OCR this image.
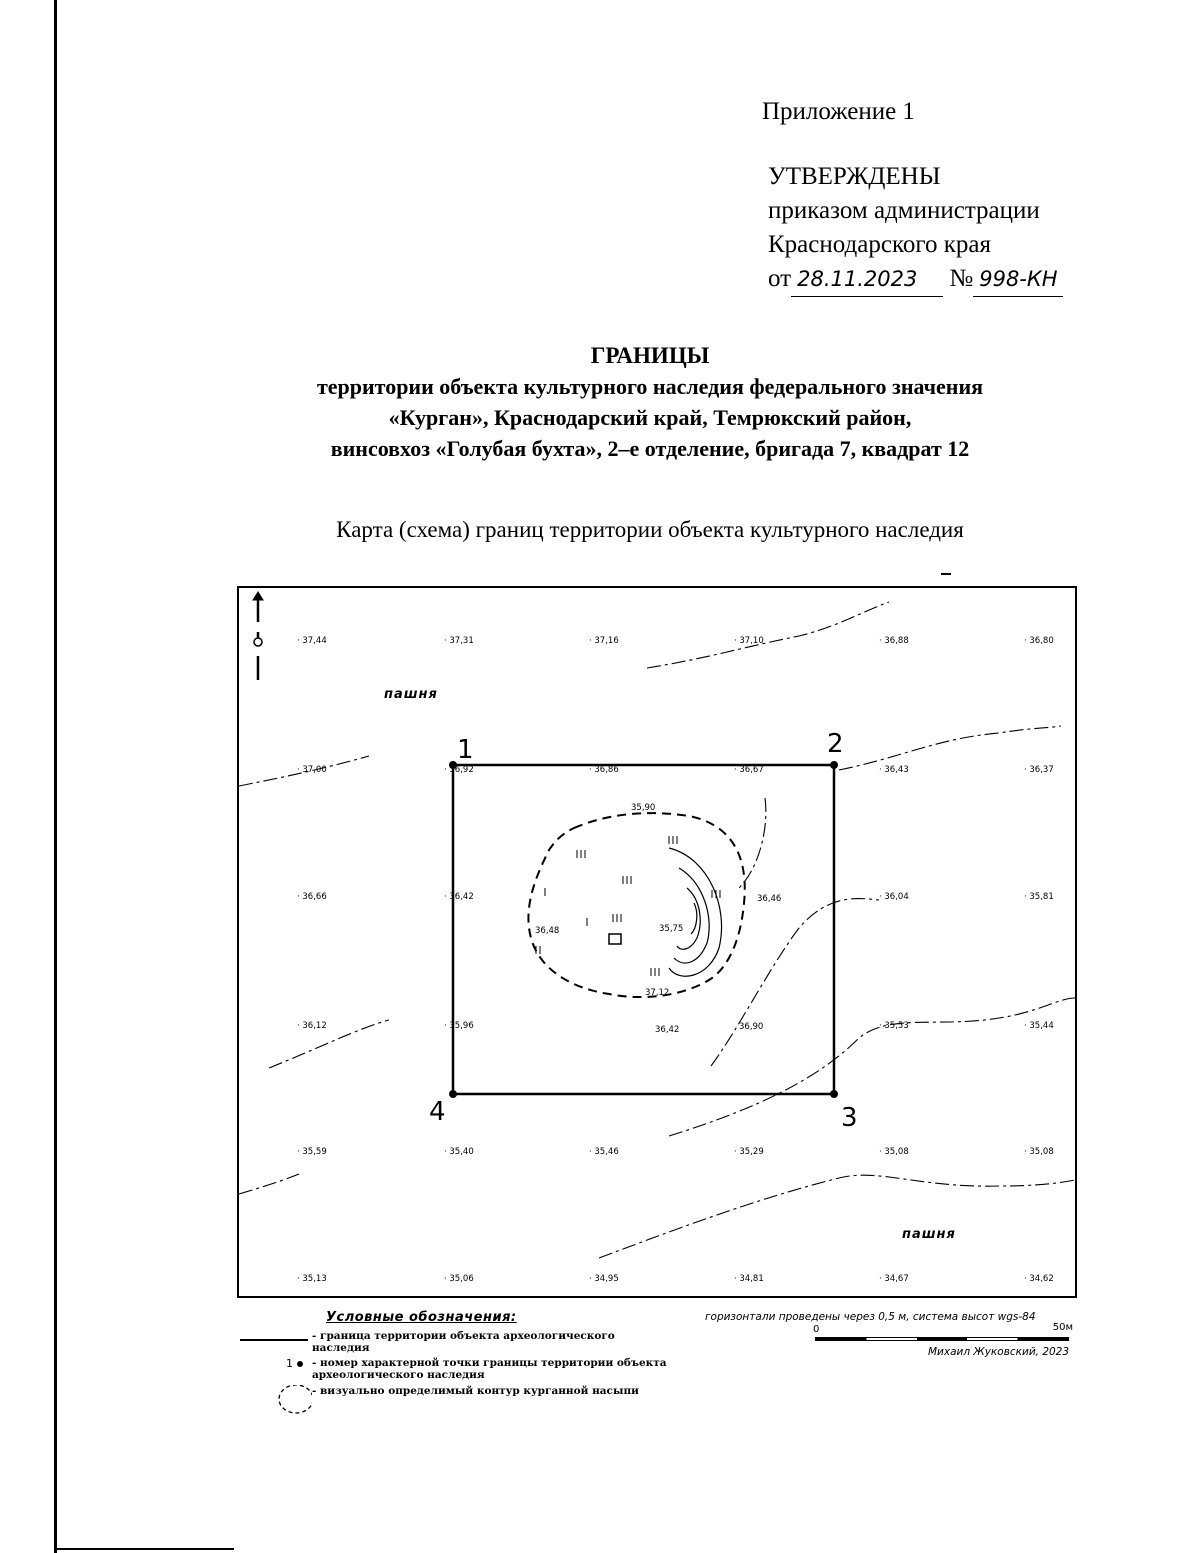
Приложение 1
УТВЕРЖДЕНЫ
приказом администрации
Краснодарского края
от 28.11.2023 № 998-КН
ГРАНИЦЫ
территории объекта культурного наследия федерального значения
«Курган», Краснодарский край, Темрюкский район,
винсовхоз «Голубая бухта», 2–е отделение, бригада 7, квадрат 12
Карта (схема) границ территории объекта культурного наследия
1	2
3
4
пашня
пашня
· 37,44	· 37,31	· 37,16	· 37,10	· 36,88	· 36,80
· 37,00	· 36,92	· 36,86	· 36,67	· 36,43	· 36,37
· 36,66	· 36,42	· 36,04	· 35,81
· 36,12	· 35,96	· 35,53	· 35,44
· 35,59	· 35,40	· 35,46	· 35,29	· 35,08	· 35,08
· 35,13	· 35,06	· 34,95	· 34,81	· 34,67	· 34,62
35,90
36,48
36,46
35,75
37,12
36,42	36,90
Условные обозначения:
- граница территории объекта археологического наследия
1 - номер характерной точки границы территории объекта археологического наследия
- визуально определимый контур курганной насыпи
горизонтали проведены через 0,5 м, система высот wgs-84
0	50м
Михаил Жуковский, 2023
